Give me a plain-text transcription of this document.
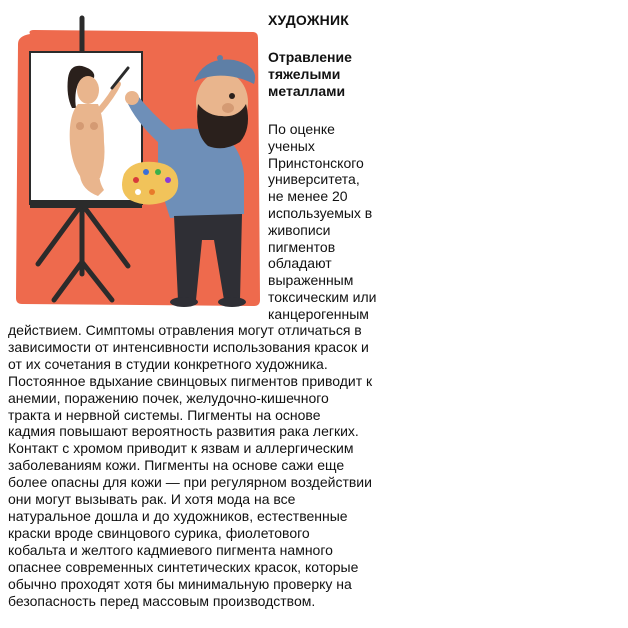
ХУДОЖНИК
Отравление
тяжелыми
металлами
По оценке
ученых
Принстонского
университета,
не менее 20
используемых в
живописи
пигментов
обладают
выраженным
токсическим или
канцерогенным
действием. Симптомы отравления могут отличаться в
зависимости от интенсивности использования красок и
от их сочетания в студии конкретного художника.
Постоянное вдыхание свинцовых пигментов приводит к
анемии, поражению почек, желудочно-кишечного
тракта и нервной системы. Пигменты на основе
кадмия повышают вероятность развития рака легких.
Контакт с хромом приводит к язвам и аллергическим
заболеваниям кожи. Пигменты на основе сажи еще
более опасны для кожи — при регулярном воздействии
они могут вызывать рак. И хотя мода на все
натуральное дошла и до художников, естественные
краски вроде свинцового сурика, фиолетового
кобальта и желтого кадмиевого пигмента намного
опаснее современных синтетических красок, которые
обычно проходят хотя бы минимальную проверку на
безопасность перед массовым производством.
